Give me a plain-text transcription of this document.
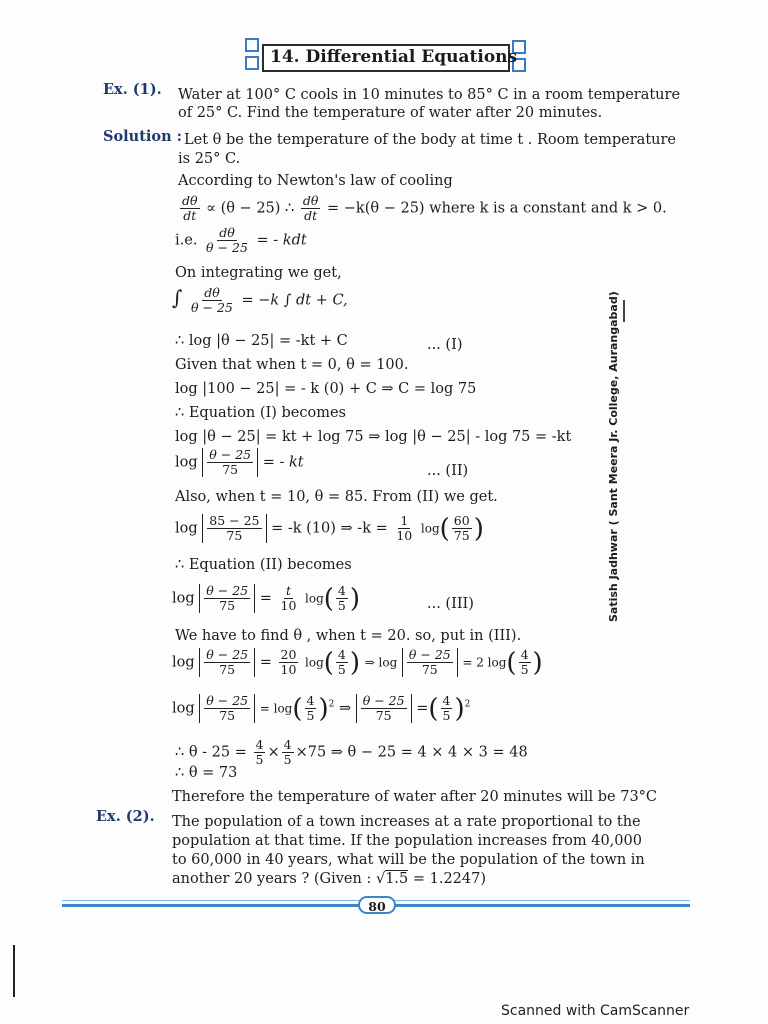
14. Differential Equations
Ex. (1). Water at 100° C cools in 10 minutes to 85° C in a room temperature
of 25° C. Find the temperature of water after 20 minutes.
Solution : Let θ be the temperature of the body at time t . Room temperature
is 25° C.
According to Newton's law of cooling
$\frac{d\theta}{dt} \propto (\theta - 25)$ ∴ $\frac{d\theta}{dt} = -k(\theta - 25)$ where k is a constant and k > 0.
i.e. $\frac{d\theta}{\theta - 25}$ = - kdt
On integrating we get,
∫ $\frac{d\theta}{\theta - 25} = -k$ ∫ dt + C,
∴ log |θ − 25| = -kt + C	... (I)
Given that when t = 0, θ = 100.
log |100 − 25| = - k (0) + C ⇒ C = log 75
∴ Equation (I) becomes
log |θ − 25| = kt + log 75 ⇒ log |θ − 25| - log 75 = -kt
$\log \frac{\theta - 25}{75}$ = - kt
... (II)
Also, when t = 10, θ = 85. From (II) we get.
$\log \frac{85 - 25}{75} = -k$ (10) ⇒ $-k = \frac{1}{10}$ log ( $\frac{60}{75}$ )
∴ Equation (II) becomes
$\log \frac{\theta - 25}{75} = \frac{t}{10}$ log ( $\frac{4}{5}$ )	... (III)
We have to find θ , when t = 20. so, put in (III).
$\log \frac{\theta - 25}{75} = \frac{20}{10}$ log ( $\frac{4}{5}$ ) ⇒ $\log \frac{\theta - 25}{75} = 2$ log ( $\frac{4}{5}$ )
$\log \frac{\theta - 25}{75} = \log$ ( $\frac{4}{5}$ ) $^2$ ⇒ $\frac{\theta - 25}{75}$ = ( $\frac{4}{5}$ ) $^2$
∴ $\theta - 25 = \frac{4}{5} \times \frac{4}{5} \times 75$ ⇒ θ − 25 = 4 × 4 × 3 = 48
∴ θ = 73
Therefore the temperature of water after 20 minutes will be 73°C
Ex. (2). The population of a town increases at a rate proportional to the
population at that time. If the population increases from 40,000
to 60,000 in 40 years, what will be the population of the town in
another 20 years ? (Given : √1.5 = 1.2247)
Satish Jadhwar ( Sant Meera Jr. College, Aurangabad)
80
Scanned with CamScanner
